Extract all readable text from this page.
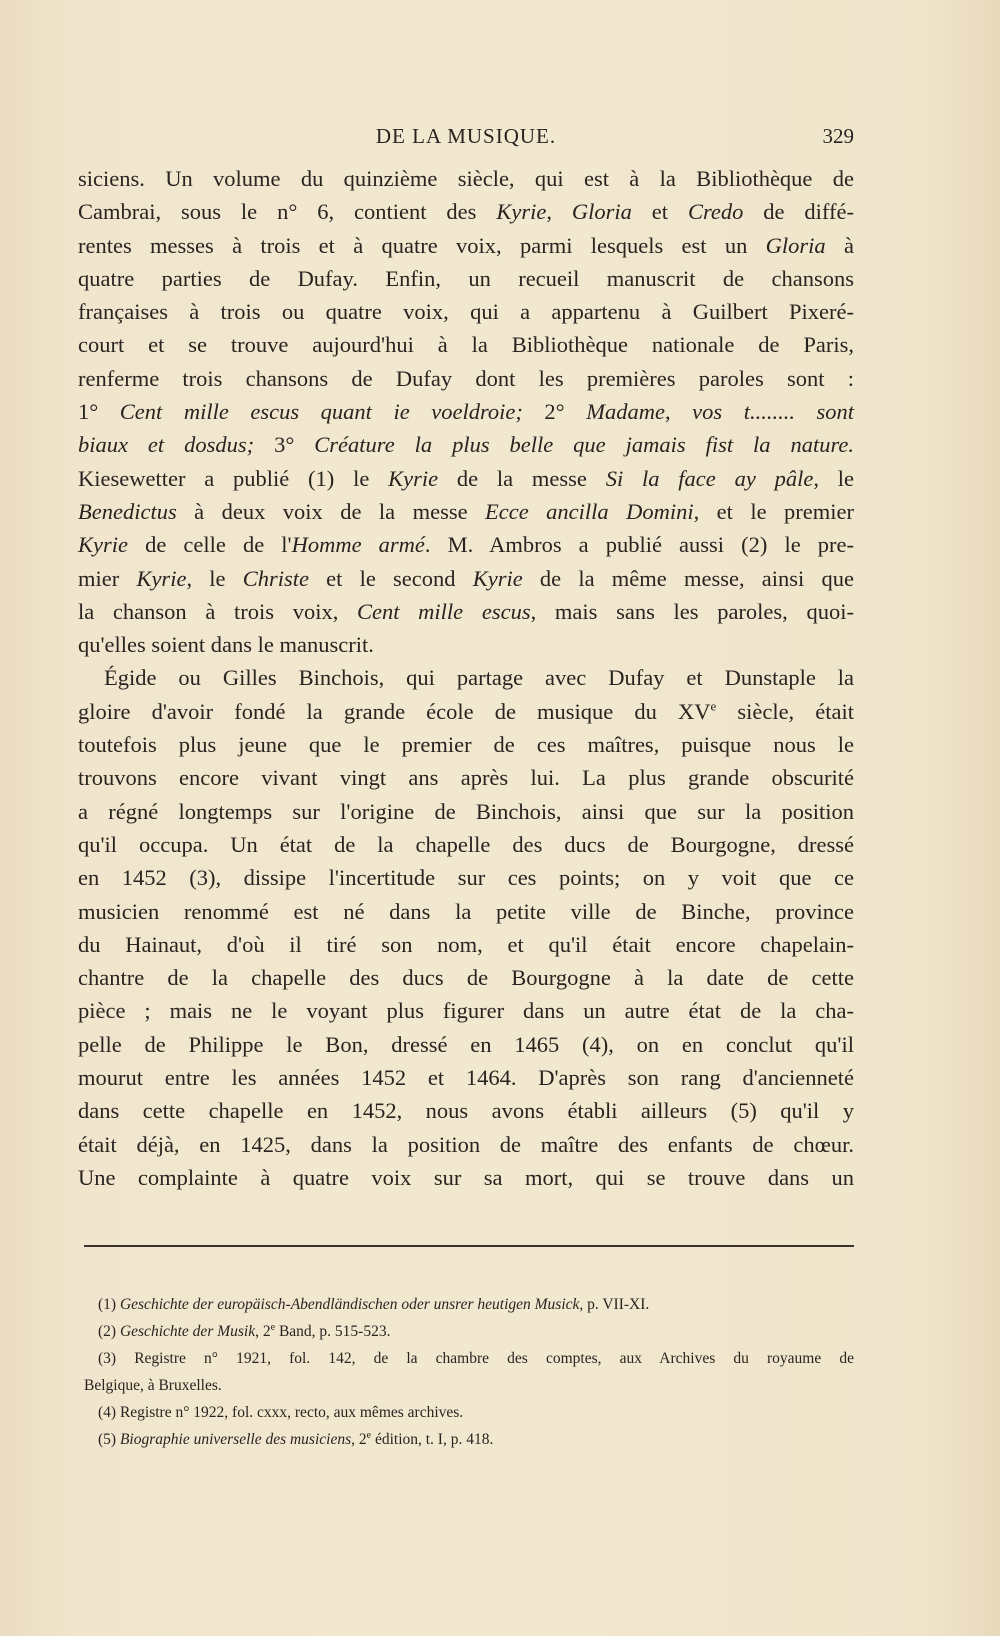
DE LA MUSIQUE.	329
siciens. Un volume du quinzième siècle, qui est à la Bibliothèque de
Cambrai, sous le n° 6, contient des Kyrie, Gloria et Credo de diffé-
rentes messes à trois et à quatre voix, parmi lesquels est un Gloria à
quatre parties de Dufay. Enfin, un recueil manuscrit de chansons
françaises à trois ou quatre voix, qui a appartenu à Guilbert Pixeré-
court et se trouve aujourd'hui à la Bibliothèque nationale de Paris,
renferme trois chansons de Dufay dont les premières paroles sont :
1° Cent mille escus quant ie voeldroie; 2° Madame, vos t........ sont
biaux et dosdus; 3° Créature la plus belle que jamais fist la nature.
Kiesewetter a publié (1) le Kyrie de la messe Si la face ay pâle, le
Benedictus à deux voix de la messe Ecce ancilla Domini, et le premier
Kyrie de celle de l'Homme armé. M. Ambros a publié aussi (2) le pre-
mier Kyrie, le Christe et le second Kyrie de la même messe, ainsi que
la chanson à trois voix, Cent mille escus, mais sans les paroles, quoi-
qu'elles soient dans le manuscrit.
Égide ou Gilles Binchois, qui partage avec Dufay et Dunstaple la
gloire d'avoir fondé la grande école de musique du XVe siècle, était
toutefois plus jeune que le premier de ces maîtres, puisque nous le
trouvons encore vivant vingt ans après lui. La plus grande obscurité
a régné longtemps sur l'origine de Binchois, ainsi que sur la position
qu'il occupa. Un état de la chapelle des ducs de Bourgogne, dressé
en 1452 (3), dissipe l'incertitude sur ces points; on y voit que ce
musicien renommé est né dans la petite ville de Binche, province
du Hainaut, d'où il tiré son nom, et qu'il était encore chapelain-
chantre de la chapelle des ducs de Bourgogne à la date de cette
pièce ; mais ne le voyant plus figurer dans un autre état de la cha-
pelle de Philippe le Bon, dressé en 1465 (4), on en conclut qu'il
mourut entre les années 1452 et 1464. D'après son rang d'ancienneté
dans cette chapelle en 1452, nous avons établi ailleurs (5) qu'il y
était déjà, en 1425, dans la position de maître des enfants de chœur.
Une complainte à quatre voix sur sa mort, qui se trouve dans un
(1) Geschichte der europäisch-Abendländischen oder unsrer heutigen Musick, p. VII-XI.
(2) Geschichte der Musik, 2e Band, p. 515-523.
(3) Registre n° 1921, fol. 142, de la chambre des comptes, aux Archives du royaume de
Belgique, à Bruxelles.
(4) Registre n° 1922, fol. cxxx, recto, aux mêmes archives.
(5) Biographie universelle des musiciens, 2e édition, t. I, p. 418.
